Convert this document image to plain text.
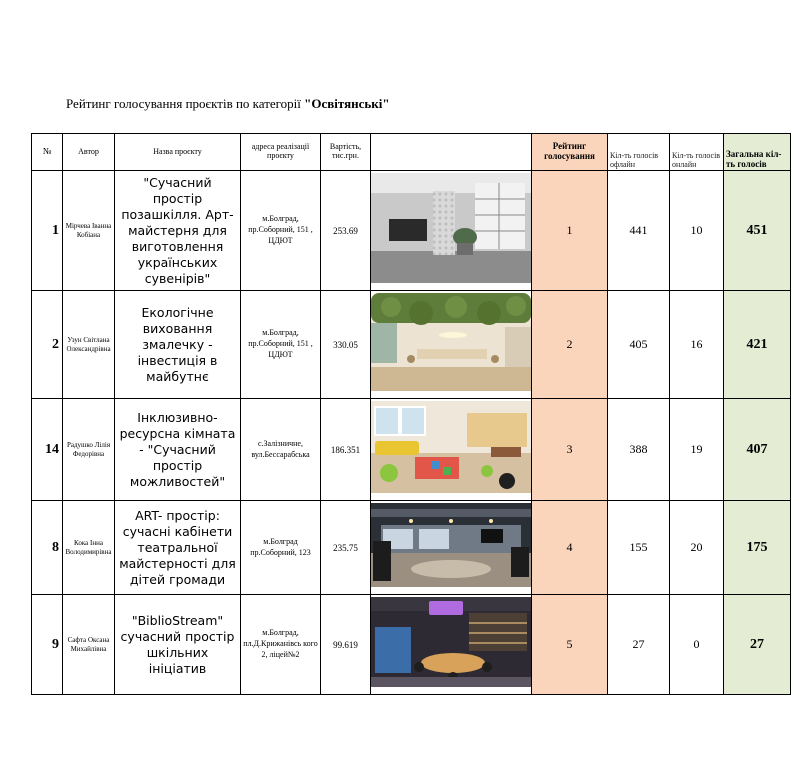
Рейтинг голосування проєктів по категорії "Освітянські"
№	Автор	Назва проєкту	адреса реалізації проєкту	Вартість, тис.грн.		Рейтинг голосування	Кіл-ть голосів офлайн	Кіл-ть голосів онлайн	Загальна кіл-ть голосів
1	Мірчева Іванна Кобіана	"Сучасний простір позашкілля. Арт-майстерня для виготовлення українських сувенірів"	м.Болград, пр.Соборний, 151 , ЦДЮТ	253.69		1	441	10	451
2	Узун Світлана Олександрівна	Екологічне виховання змалечку - інвестиція в майбутнє	м.Болград, пр.Соборний, 151 , ЦДЮТ	330.05		2	405	16	421
14	Радушко Лілія Федорівна	Інклюзивно-ресурсна кімната - "Сучасний простір можливостей"	с.Залізничне, вул.Бессарабська	186.351		3	388	19	407
8	Кока Інна Володимирівна	ART- простір: сучасні кабінети театральної майстерності для дітей громади	м.Болград пр.Соборний, 123	235.75		4	155	20	175
9	Сафта Оксана Михайлівна	"BiblioStream" сучасний простір шкільних ініціатив	м.Болград, пл.Д.Крижанівсь кого 2, ліцей№2	99.619		5	27	0	27
